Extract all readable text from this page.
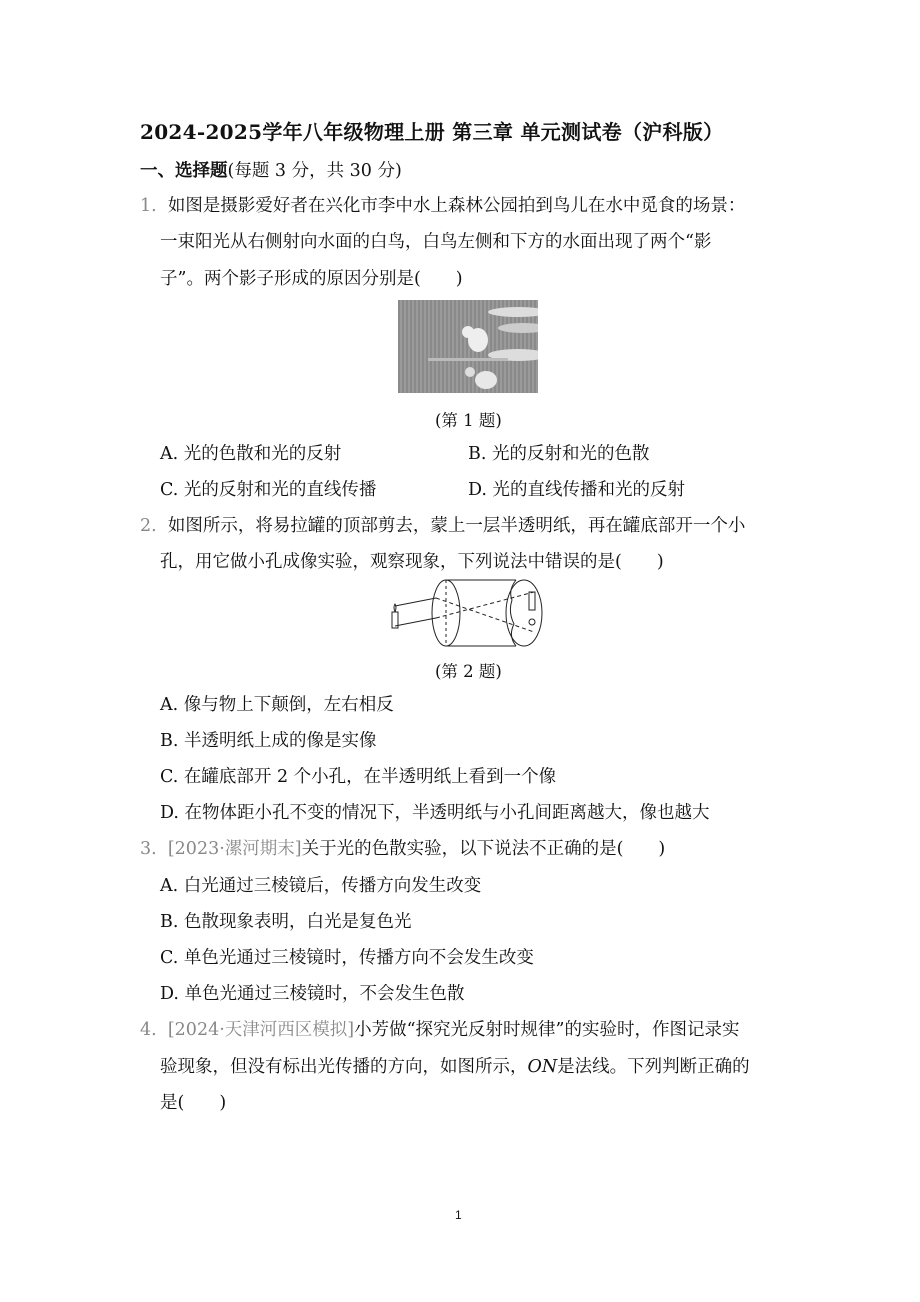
2024-2025学年八年级物理上册 第三章 单元测试卷（沪科版）
一、选择题(每题 3 分，共 30 分)
1. 如图是摄影爱好者在兴化市李中水上森林公园拍到鸟儿在水中觅食的场景：
一束阳光从右侧射向水面的白鸟，白鸟左侧和下方的水面出现了两个“影
子”。两个影子形成的原因分别是(　　)
(第 1 题)
A. 光的色散和光的反射	B. 光的反射和光的色散
C. 光的反射和光的直线传播	D. 光的直线传播和光的反射
2. 如图所示，将易拉罐的顶部剪去，蒙上一层半透明纸，再在罐底部开一个小
孔，用它做小孔成像实验，观察现象，下列说法中错误的是(　　)
(第 2 题)
A. 像与物上下颠倒，左右相反
B. 半透明纸上成的像是实像
C. 在罐底部开 2 个小孔，在半透明纸上看到一个像
D. 在物体距小孔不变的情况下，半透明纸与小孔间距离越大，像也越大
3. [2023·漯河期末]关于光的色散实验，以下说法不正确的是(　　)
A. 白光通过三棱镜后，传播方向发生改变
B. 色散现象表明，白光是复色光
C. 单色光通过三棱镜时，传播方向不会发生改变
D. 单色光通过三棱镜时，不会发生色散
4. [2024·天津河西区模拟]小芳做“探究光反射时规律”的实验时，作图记录实
验现象，但没有标出光传播的方向，如图所示，ON是法线。下列判断正确的
是(　　)
1
